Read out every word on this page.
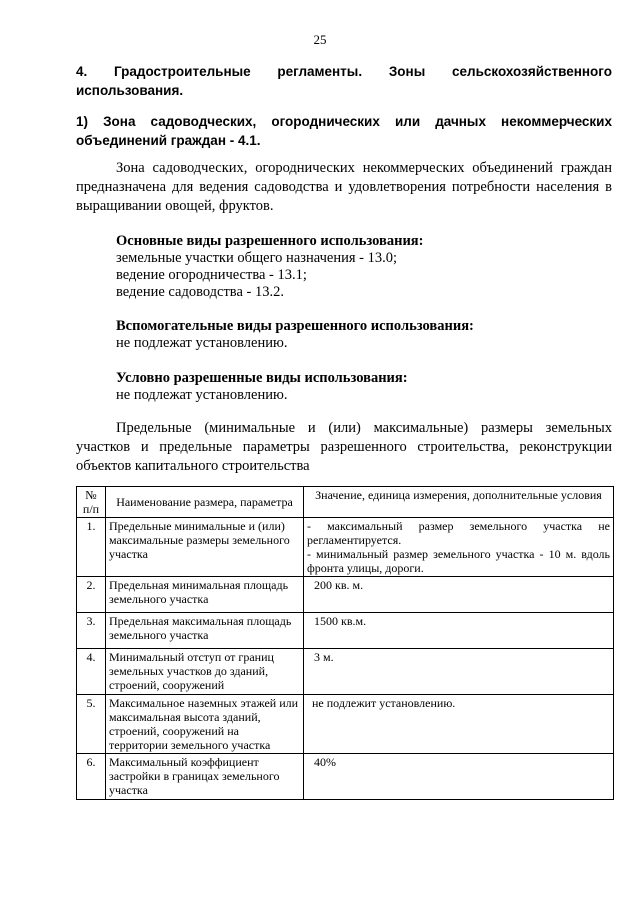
25
4. Градостроительные регламенты. Зоны сельскохозяйственного использования.
1) Зона садоводческих, огороднических или дачных некоммерческих объединений граждан - 4.1.
Зона садоводческих, огороднических некоммерческих объединений граждан предназначена для ведения садоводства и удовлетворения потребности населения в выращивании овощей, фруктов.
Основные виды разрешенного использования:
земельные участки общего назначения - 13.0;
ведение огородничества - 13.1;
ведение садоводства - 13.2.
Вспомогательные виды разрешенного использования:
не подлежат установлению.
Условно разрешенные виды использования:
не подлежат установлению.
Предельные (минимальные и (или) максимальные) размеры земельных участков и предельные параметры разрешенного строительства, реконструкции объектов капитального строительства
№ п/п	Наименование размера, параметра	Значение, единица измерения, дополнительные условия
1.	Предельные минимальные и (или) максимальные размеры земельного участка	- максимальный размер земельного участка не регламентируется.
- минимальный размер земельного участка - 10 м. вдоль фронта улицы, дороги.

2.	Предельная минимальная площадь земельного участка	200 кв. м.
3.	Предельная максимальная площадь земельного участка	1500 кв.м.
4.	Минимальный отступ от границ земельных участков до зданий, строений, сооружений	3 м.
5.	Максимальное наземных этажей или максимальная высота зданий, строений, сооружений на территории земельного участка	не подлежит установлению.
6.	Максимальный коэффициент застройки в границах земельного участка	40%
